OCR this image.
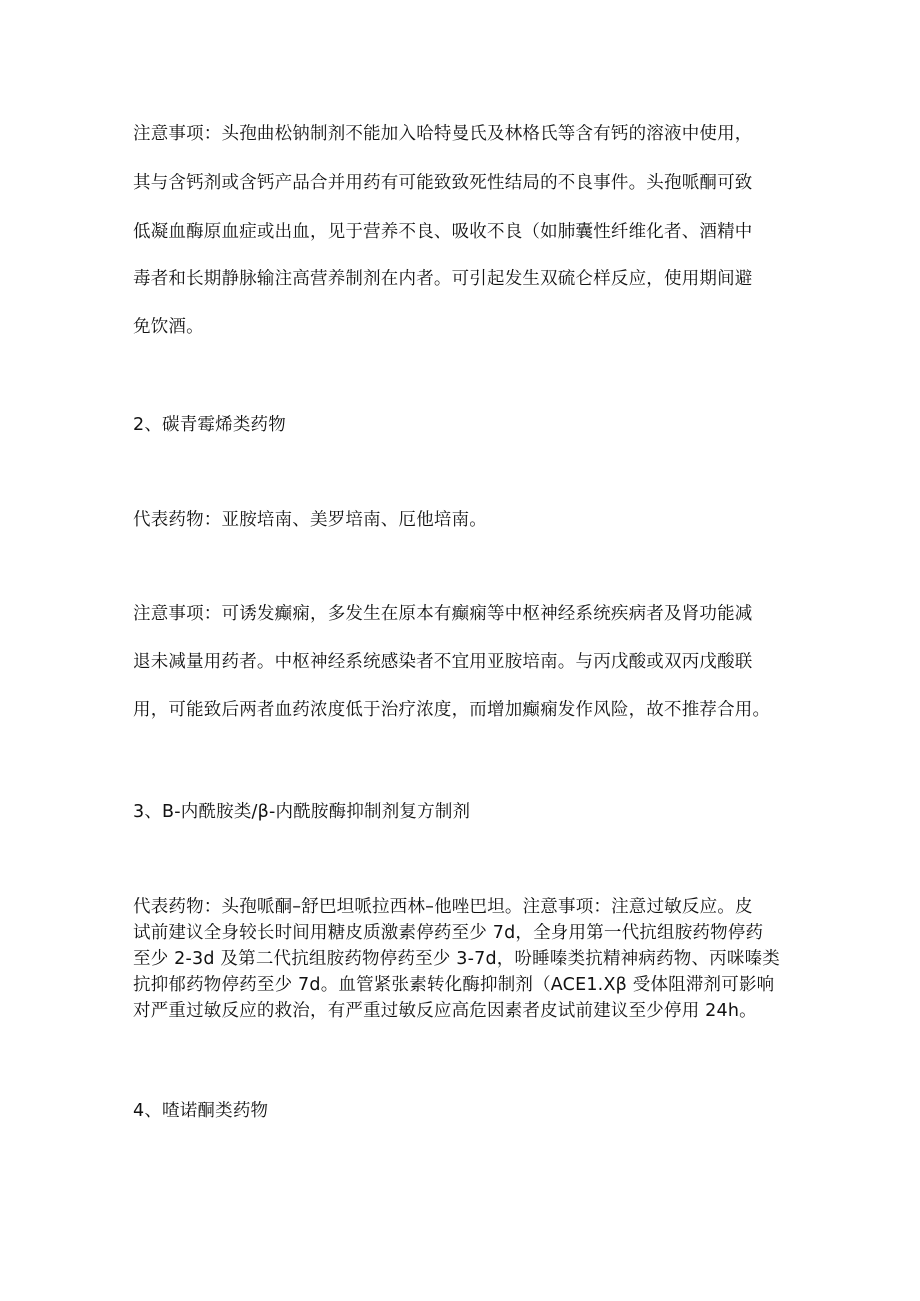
注意事项：头孢曲松钠制剂不能加入哈特曼氏及林格氏等含有钙的溶液中使用，
其与含钙剂或含钙产品合并用药有可能致致死性结局的不良事件。头孢哌酮可致
低凝血酶原血症或出血，见于营养不良、吸收不良（如肺囊性纤维化者、酒精中
毒者和长期静脉输注高营养制剂在内者。可引起发生双硫仑样反应，使用期间避
免饮酒。
2、碳青霉烯类药物
代表药物：亚胺培南、美罗培南、厄他培南。
注意事项：可诱发癫痫，多发生在原本有癫痫等中枢神经系统疾病者及肾功能减
退未减量用药者。中枢神经系统感染者不宜用亚胺培南。与丙戊酸或双丙戊酸联
用，可能致后两者血药浓度低于治疗浓度，而增加癫痫发作风险，故不推荐合用。
3、B-内酰胺类/β-内酰胺酶抑制剂复方制剂
代表药物：头孢哌酮–舒巴坦哌拉西林–他唑巴坦。注意事项：注意过敏反应。皮
试前建议全身较长时间用糖皮质激素停药至少 7d，全身用第一代抗组胺药物停药
至少 2-3d 及第二代抗组胺药物停药至少 3-7d，吩睡嗪类抗精神病药物、丙咪嗪类
抗抑郁药物停药至少 7d。血管紧张素转化酶抑制剂（ACE1.Xβ 受体阻滞剂可影响
对严重过敏反应的救治，有严重过敏反应高危因素者皮试前建议至少停用 24h。
4、喳诺酮类药物
